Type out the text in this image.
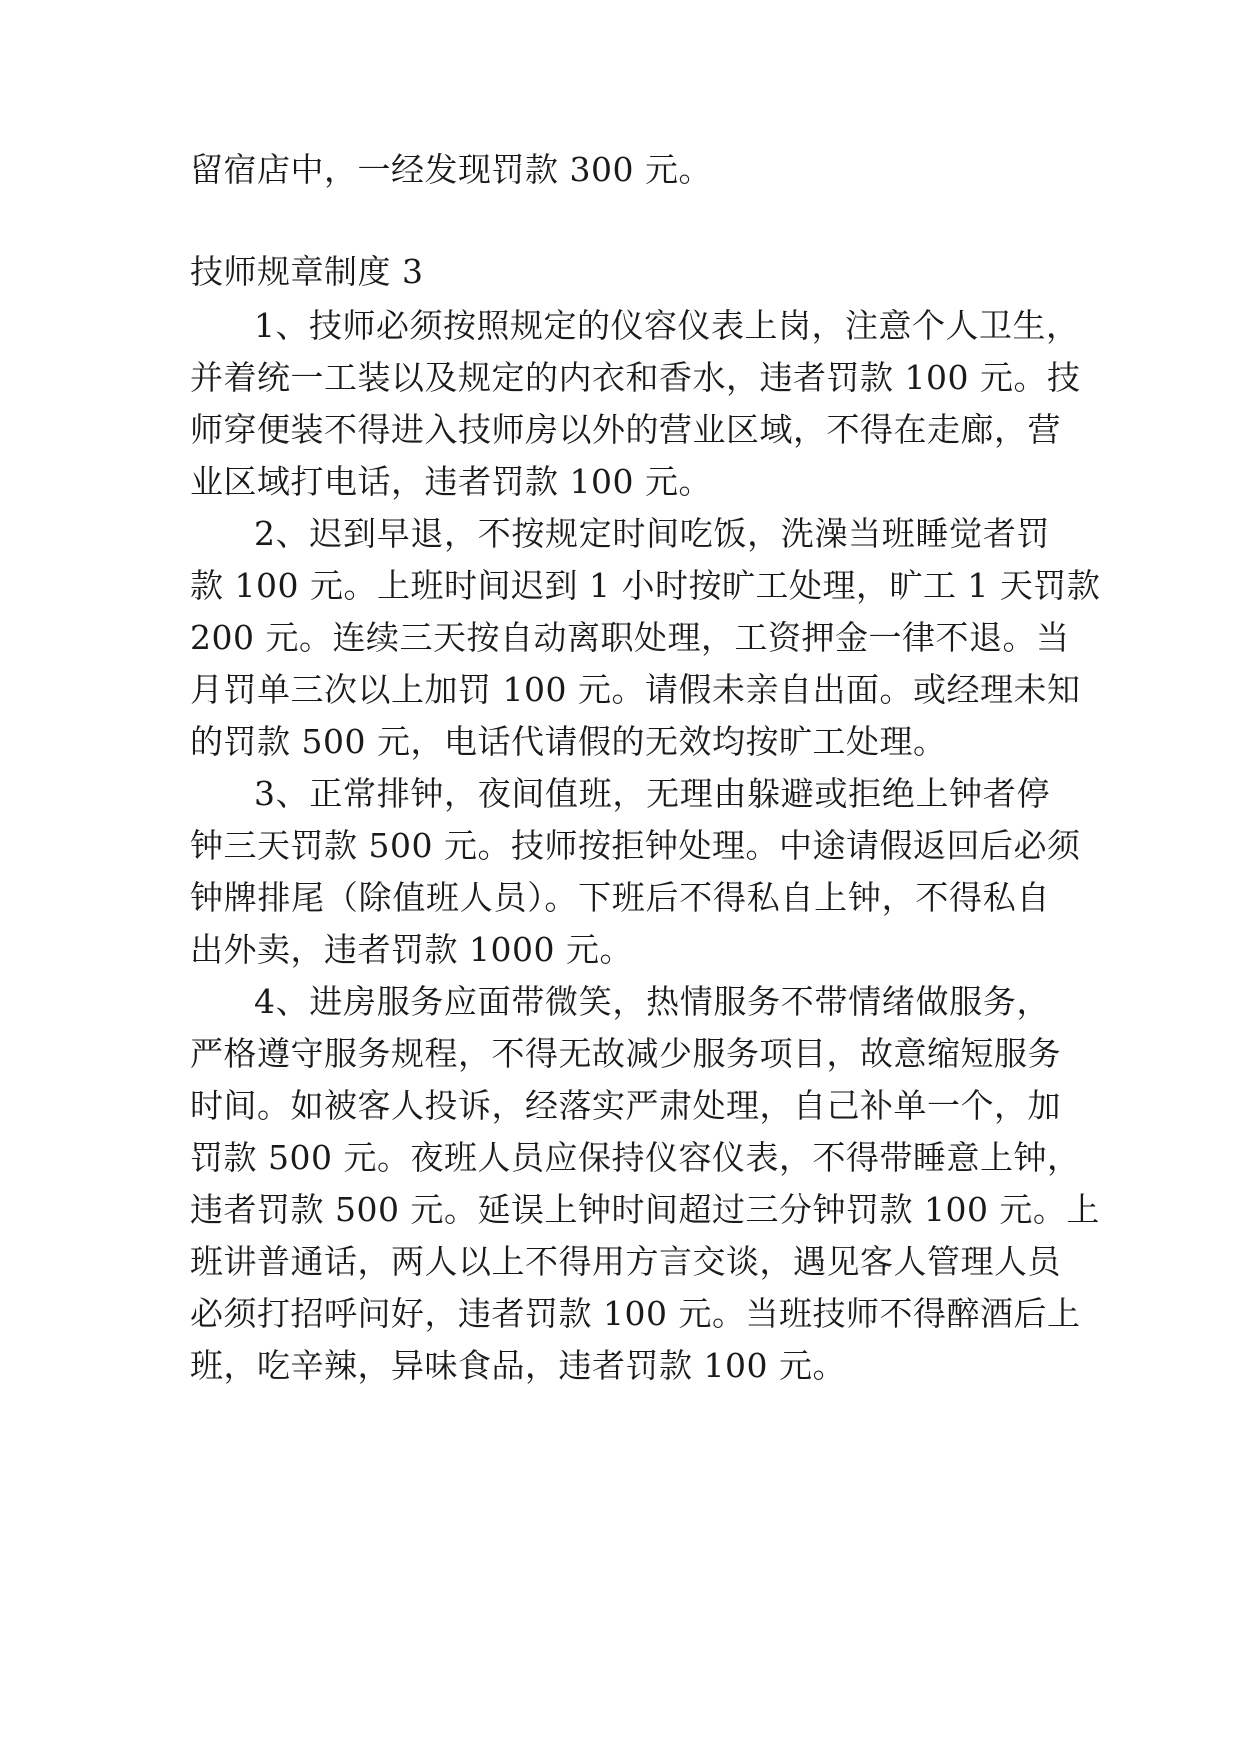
留宿店中，一经发现罚款 300 元。
技师规章制度 3
1、技师必须按照规定的仪容仪表上岗，注意个人卫生，
并着统一工装以及规定的内衣和香水，违者罚款 100 元。技
师穿便装不得进入技师房以外的营业区域，不得在走廊，营
业区域打电话，违者罚款 100 元。
2、迟到早退，不按规定时间吃饭，洗澡当班睡觉者罚
款 100 元。上班时间迟到 1 小时按旷工处理，旷工 1 天罚款
200 元。连续三天按自动离职处理，工资押金一律不退。当
月罚单三次以上加罚 100 元。请假未亲自出面。或经理未知
的罚款 500 元，电话代请假的无效均按旷工处理。
3、正常排钟，夜间值班，无理由躲避或拒绝上钟者停
钟三天罚款 500 元。技师按拒钟处理。中途请假返回后必须
钟牌排尾（除值班人员）。下班后不得私自上钟，不得私自
出外卖，违者罚款 1000 元。
4、进房服务应面带微笑，热情服务不带情绪做服务，
严格遵守服务规程，不得无故减少服务项目，故意缩短服务
时间。如被客人投诉，经落实严肃处理，自己补单一个，加
罚款 500 元。夜班人员应保持仪容仪表，不得带睡意上钟，
违者罚款 500 元。延误上钟时间超过三分钟罚款 100 元。上
班讲普通话，两人以上不得用方言交谈，遇见客人管理人员
必须打招呼问好，违者罚款 100 元。当班技师不得醉酒后上
班，吃辛辣，异味食品，违者罚款 100 元。
